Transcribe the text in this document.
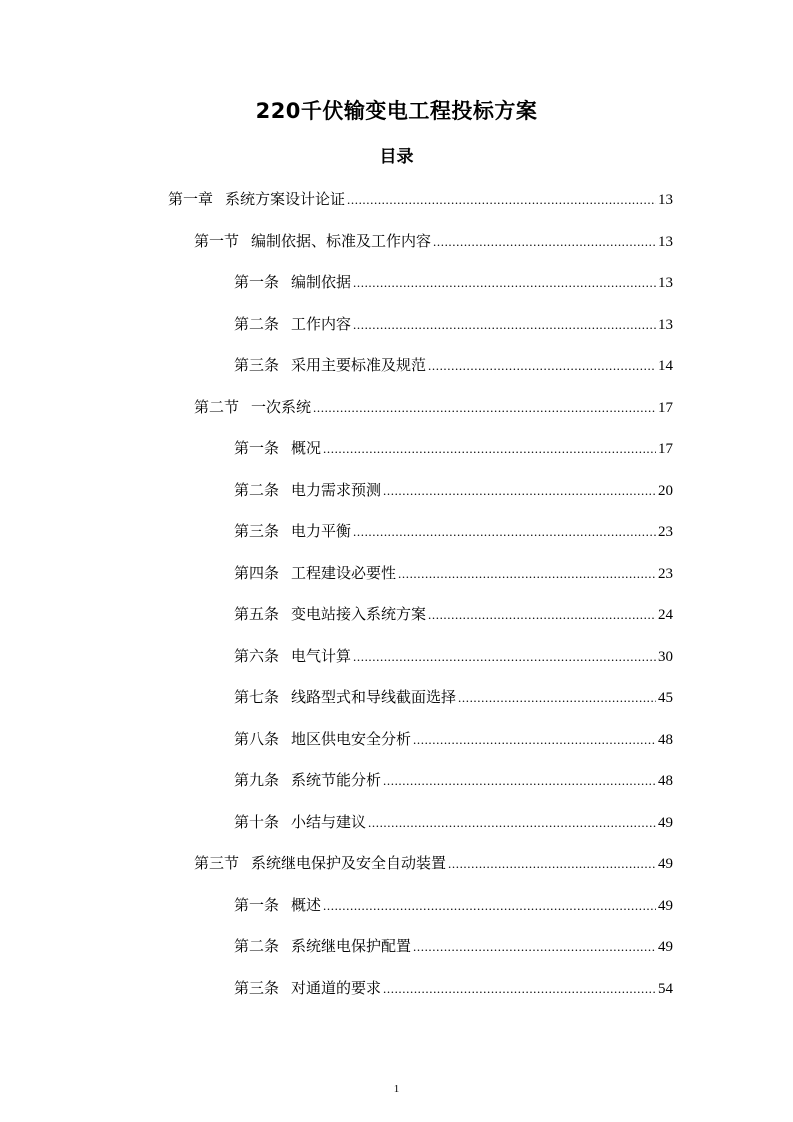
220千伏输变电工程投标方案
目录
第一章 系统方案设计论证 .....	13
第一节 编制依据、标准及工作内容 .....	13
第一条 编制依据 .....	13
第二条 工作内容 .....	13
第三条 采用主要标准及规范 .....	14
第二节 一次系统 .....	17
第一条 概况 .....	17
第二条 电力需求预测 .....	20
第三条 电力平衡 .....	23
第四条 工程建设必要性 .....	23
第五条 变电站接入系统方案 .....	24
第六条 电气计算 .....	30
第七条 线路型式和导线截面选择 .....	45
第八条 地区供电安全分析 .....	48
第九条 系统节能分析 .....	48
第十条 小结与建议 .....	49
第三节 系统继电保护及安全自动装置 .....	49
第一条 概述 .....	49
第二条 系统继电保护配置 .....	49
第三条 对通道的要求 .....	54
1
